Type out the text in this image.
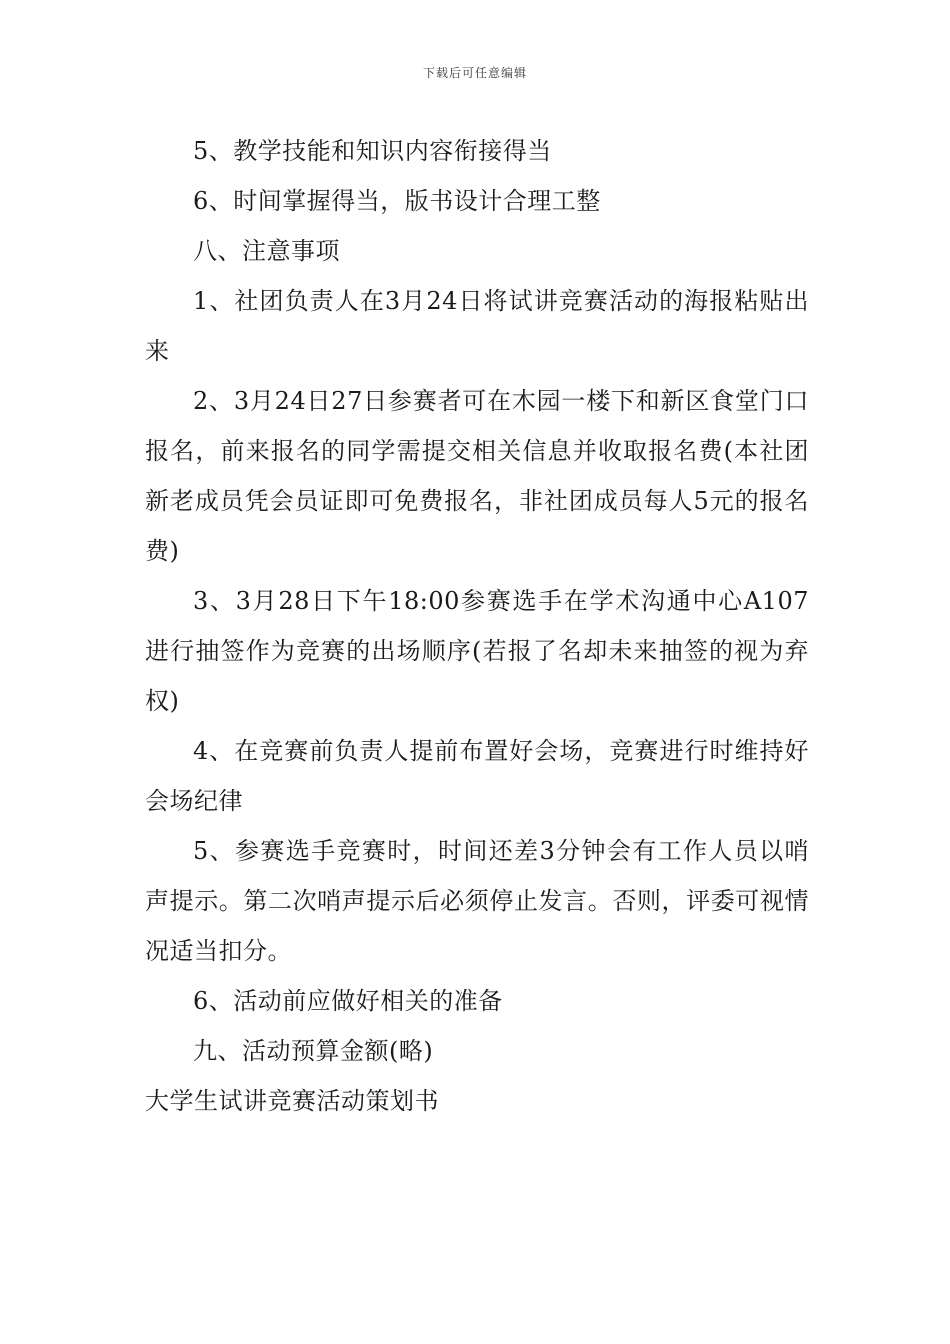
下载后可任意编辑

5、教学技能和知识内容衔接得当

6、时间掌握得当，版书设计合理工整

八、注意事项

1、社团负责人在3月24日将试讲竞赛活动的海报粘贴出来

2、3月24日27日参赛者可在木园一楼下和新区食堂门口报名，前来报名的同学需提交相关信息并收取报名费(本社团新老成员凭会员证即可免费报名，非社团成员每人5元的报名费)

3、3月28日下午18:00参赛选手在学术沟通中心A107进行抽签作为竞赛的出场顺序(若报了名却未来抽签的视为弃权)

4、在竞赛前负责人提前布置好会场，竞赛进行时维持好会场纪律

5、参赛选手竞赛时，时间还差3分钟会有工作人员以哨声提示。第二次哨声提示后必须停止发言。否则，评委可视情况适当扣分。

6、活动前应做好相关的准备

九、活动预算金额(略)

大学生试讲竞赛活动策划书
